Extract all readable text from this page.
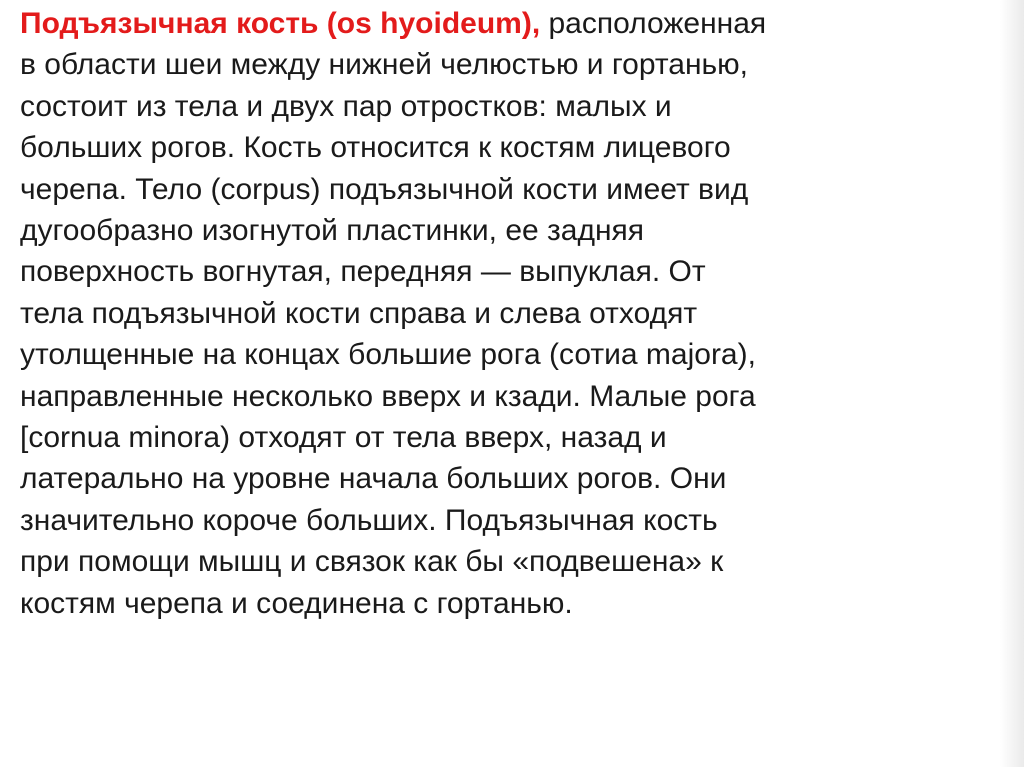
Подъязычная кость (os hyoideum), расположенная
в области шеи между нижней челюстью и гортанью,
состоит из тела и двух пар отростков: малых и
больших рогов. Кость относится к костям лицевого
черепа. Тело (corpus) подъязычной кости имеет вид
дугообразно изогнутой пластинки, ее задняя
поверхность вогнутая, передняя — выпуклая. От
тела подъязычной кости справа и слева отходят
утолщенные на концах большие рога (сотиа majora),
направленные несколько вверх и кзади. Малые рога
[cornua minora) отходят от тела вверх, назад и
латерально на уровне начала больших рогов. Они
значительно короче больших. Подъязычная кость
при помощи мышц и связок как бы «подвешена» к
костям черепа и соединена с гортанью.
